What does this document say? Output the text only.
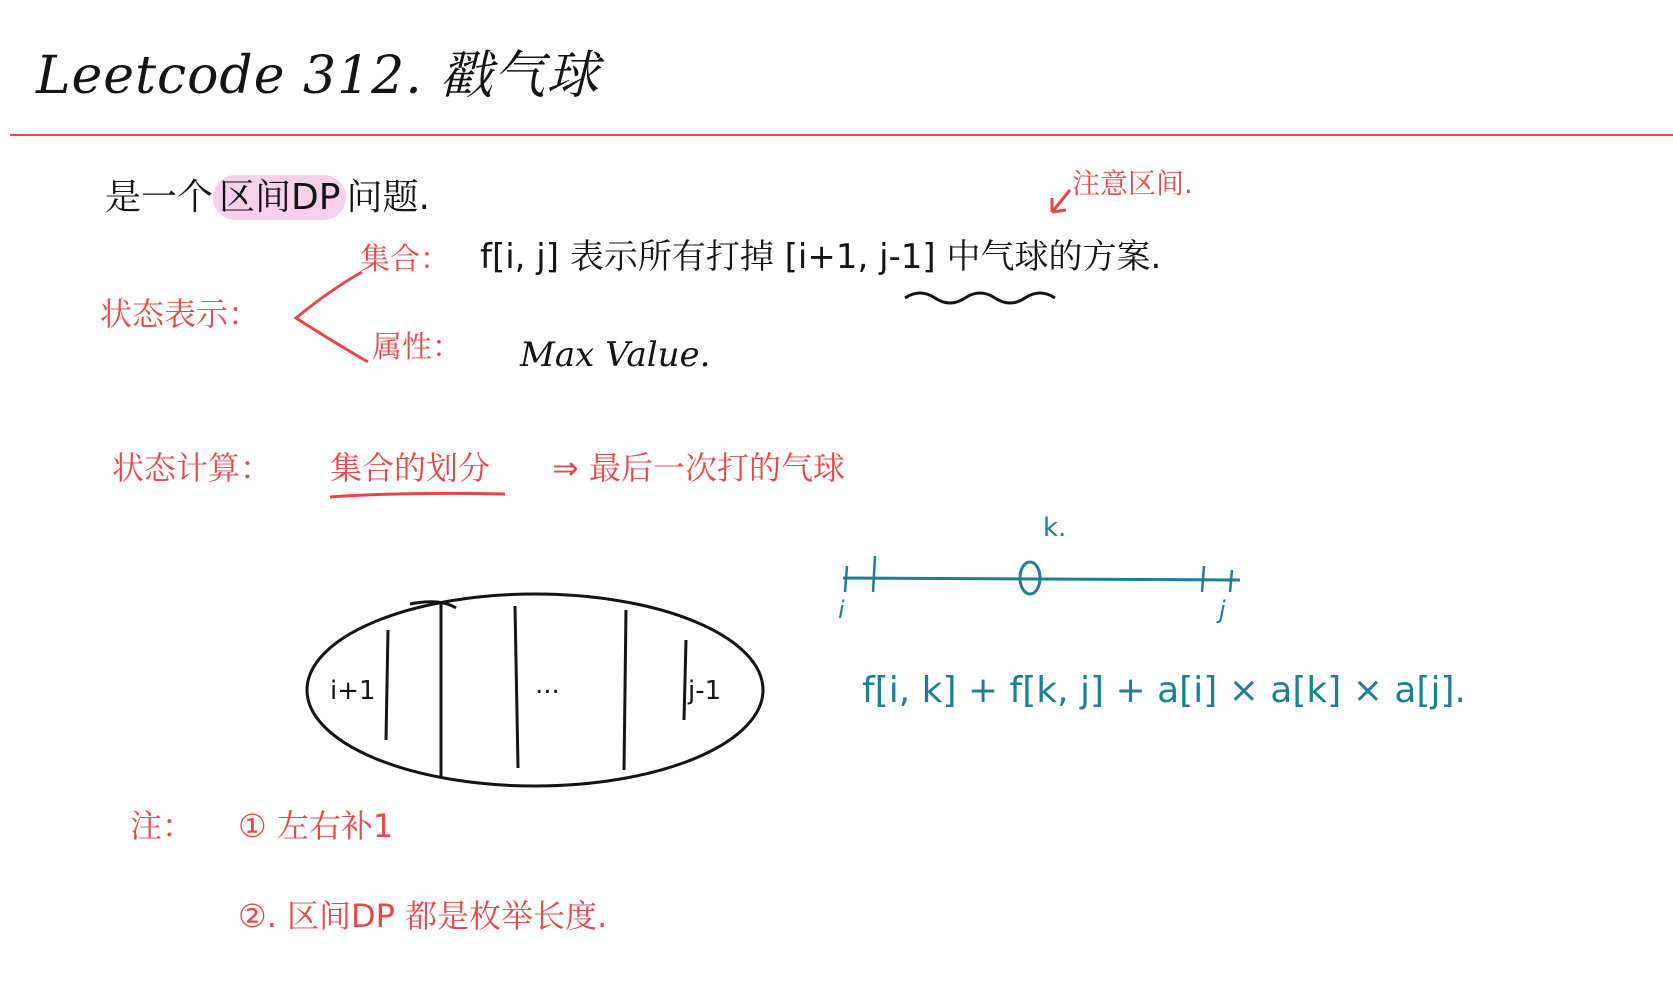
Leetcode 312. 戳气球
是一个 区间DP 问题.	注意区间.
状态表示：
集合： f[i, j] 表示所有打掉 [i+1, j-1] 中气球的方案.
属性： Max Value.
状态计算： 集合的划分 ⇒ 最后一次打的气球
k.
i	j
f[i, k] + f[k, j] + a[i] × a[k] × a[j].
i+1	...	j-1
注： ① 左右补1
②. 区间DP 都是枚举长度.
